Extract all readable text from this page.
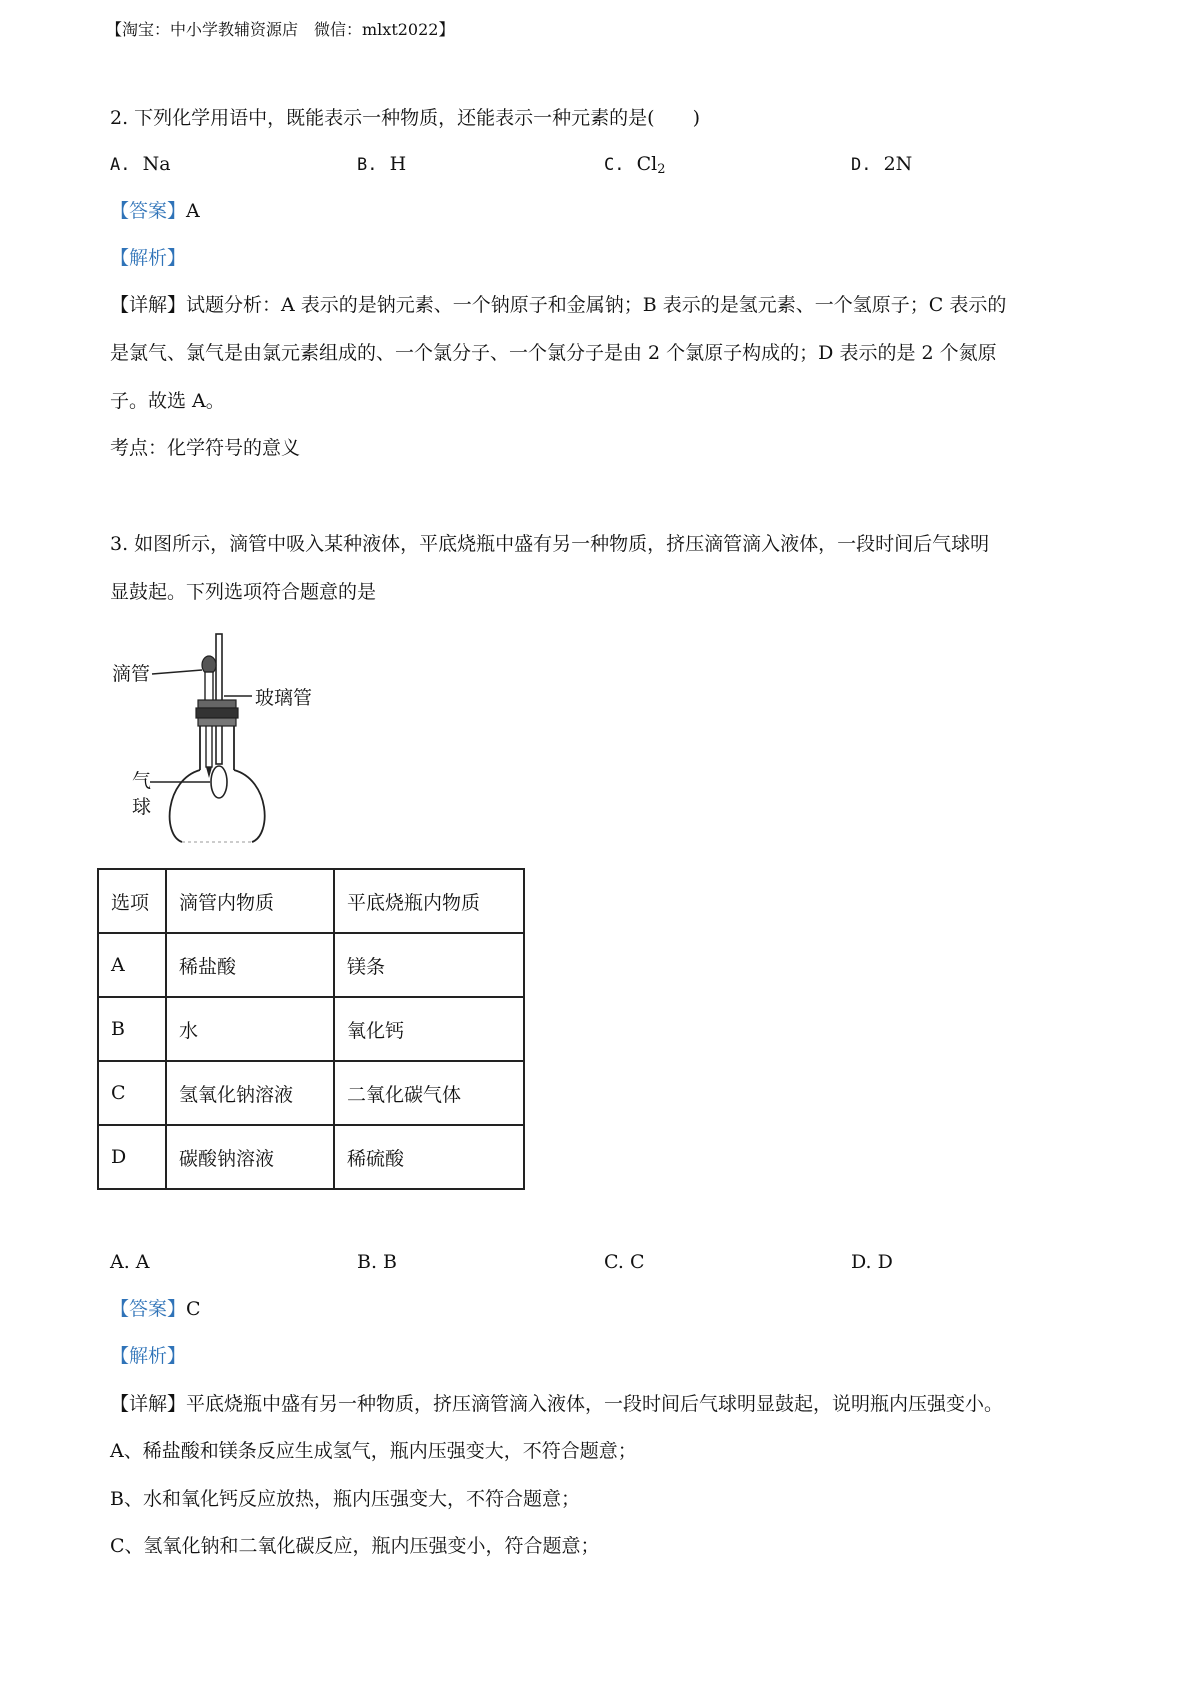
【淘宝：中小学教辅资源店　微信：mlxt2022】
2. 下列化学用语中，既能表示一种物质，还能表示一种元素的是(　　)
A. Na	B. H	C. $Cl_2$	D. 2N
【答案】A
【解析】
【详解】试题分析：A 表示的是钠元素、一个钠原子和金属钠；B 表示的是氢元素、一个氢原子；C 表示的
是氯气、氯气是由氯元素组成的、一个氯分子、一个氯分子是由 2 个氯原子构成的；D 表示的是 2 个氮原
子。故选 A。
考点：化学符号的意义
3. 如图所示，滴管中吸入某种液体，平底烧瓶中盛有另一种物质，挤压滴管滴入液体，一段时间后气球明
显鼓起。下列选项符合题意的是
滴管
玻璃管
气
球
选项	滴管内物质	平底烧瓶内物质
A	稀盐酸	镁条
B	水	氧化钙
C	氢氧化钠溶液	二氧化碳气体
D	碳酸钠溶液	稀硫酸
A. A	B. B	C. C	D. D
【答案】C
【解析】
【详解】平底烧瓶中盛有另一种物质，挤压滴管滴入液体，一段时间后气球明显鼓起，说明瓶内压强变小。
A、稀盐酸和镁条反应生成氢气，瓶内压强变大，不符合题意；
B、水和氧化钙反应放热，瓶内压强变大，不符合题意；
C、氢氧化钠和二氧化碳反应，瓶内压强变小，符合题意；
